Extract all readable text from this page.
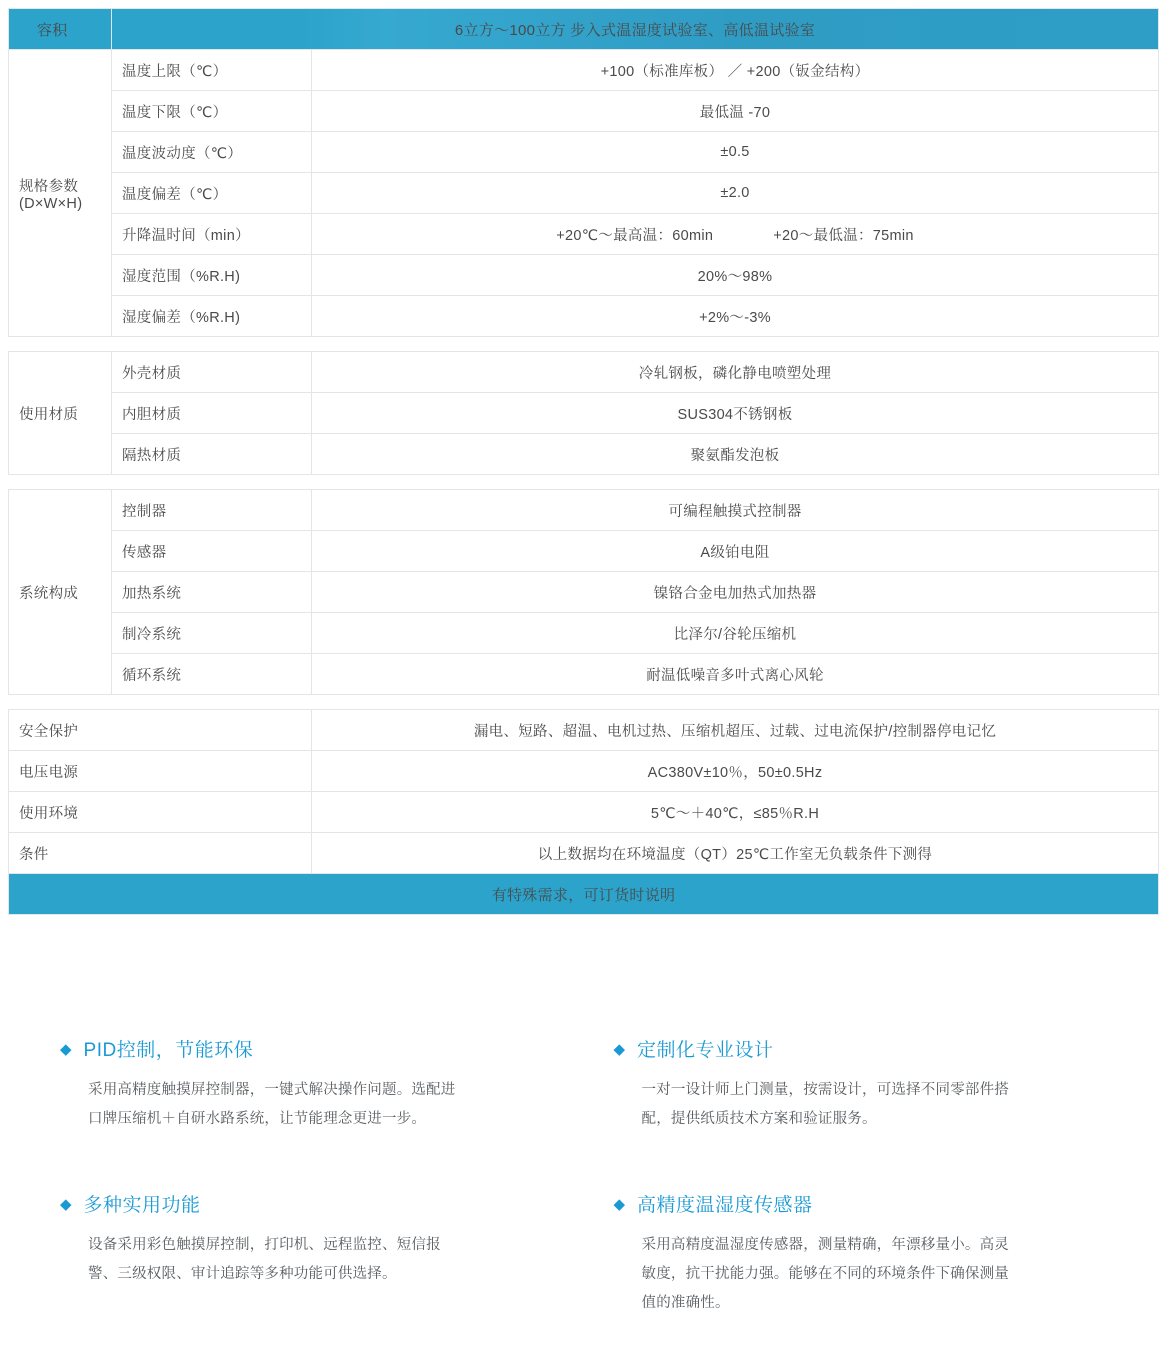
容积	6立方～100立方 步入式温湿度试验室、高低温试验室	

规格参数
(D×W×H)	温度上限（℃）	+100（标准库板） ／ +200（钣金结构）
	温度下限（℃）	最低温 -70
	温度波动度（℃）	±0.5
	温度偏差（℃）	±2.0
	升降温时间（min）	+20℃～最高温：60min +20～最低温：75min

	湿度范围（%R.H)	20%～98%
	湿度偏差（%R.H)	+2%～-3%
使用材质	外壳材质	冷轧钢板，磷化静电喷塑处理
	内胆材质	SUS304不锈钢板
	隔热材质	聚氨酯发泡板
系统构成	控制器	可编程触摸式控制器
	传感器	A级铂电阻
	加热系统	镍铬合金电加热式加热器
	制冷系统	比泽尔/谷轮压缩机
	循环系统	耐温低噪音多叶式离心风轮
安全保护	漏电、短路、超温、电机过热、压缩机超压、过载、过电流保护/控制器停电记忆
电压电源	AC380V±10％，50±0.5Hz
使用环境	5℃～＋40℃，≤85％R.H
条件	以上数据均在环境温度（QT）25℃工作室无负载条件下测得
有特殊需求，可订货时说明	
◆ PID控制，节能环保
采用高精度触摸屏控制器，一键式解决操作问题。选配进口牌压缩机＋自研水路系统，让节能理念更进一步。
◆ 定制化专业设计
一对一设计师上门测量，按需设计，可选择不同零部件搭配，提供纸质技术方案和验证服务。
◆ 多种实用功能
设备采用彩色触摸屏控制，打印机、远程监控、短信报警、三级权限、审计追踪等多种功能可供选择。
◆ 高精度温湿度传感器
采用高精度温湿度传感器，测量精确，年漂移量小。高灵敏度，抗干扰能力强。能够在不同的环境条件下确保测量值的准确性。
